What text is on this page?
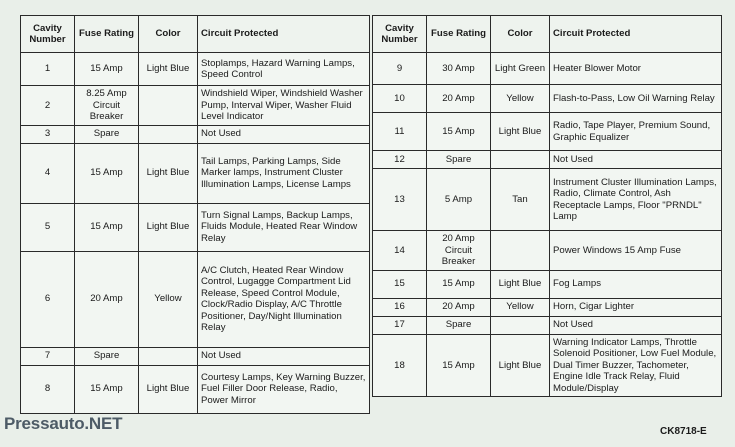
Cavity Number	Fuse Rating	Color	Circuit Protected
1	15 Amp	Light Blue	Stoplamps, Hazard Warning Lamps, Speed Control
2	8.25 Amp Circuit Breaker		Windshield Wiper, Windshield Washer Pump, Interval Wiper, Washer Fluid Level Indicator
3	Spare		Not Used
4	15 Amp	Light Blue	Tail Lamps, Parking Lamps, Side Marker lamps, Instrument Cluster Illumination Lamps, License Lamps
5	15 Amp	Light Blue	Turn Signal Lamps, Backup Lamps, Fluids Module, Heated Rear Window Relay
6	20 Amp	Yellow	A/C Clutch, Heated Rear Window Control, Lugagge Compartment Lid Release, Speed Control Module, Clock/Radio Display, A/C Throttle Positioner, Day/Night Illumination Relay
7	Spare		Not Used
8	15 Amp	Light Blue	Courtesy Lamps, Key Warning Buzzer, Fuel Filler Door Release, Radio, Power Mirror
Cavity Number	Fuse Rating	Color	Circuit Protected
9	30 Amp	Light Green	Heater Blower Motor
10	20 Amp	Yellow	Flash-to-Pass, Low Oil Warning Relay
11	15 Amp	Light Blue	Radio, Tape Player, Premium Sound, Graphic Equalizer
12	Spare		Not Used
13	5 Amp	Tan	Instrument Cluster Illumination Lamps, Radio, Climate Control, Ash Receptacle Lamps, Floor "PRNDL" Lamp
14	20 Amp Circuit Breaker		Power Windows 15 Amp Fuse
15	15 Amp	Light Blue	Fog Lamps
16	20 Amp	Yellow	Horn, Cigar Lighter
17	Spare		Not Used
18	15 Amp	Light Blue	Warning Indicator Lamps, Throttle Solenoid Positioner, Low Fuel Module, Dual Timer Buzzer, Tachometer, Engine Idle Track Relay, Fluid Module/Display
Pressauto.NET	CK8718-E
